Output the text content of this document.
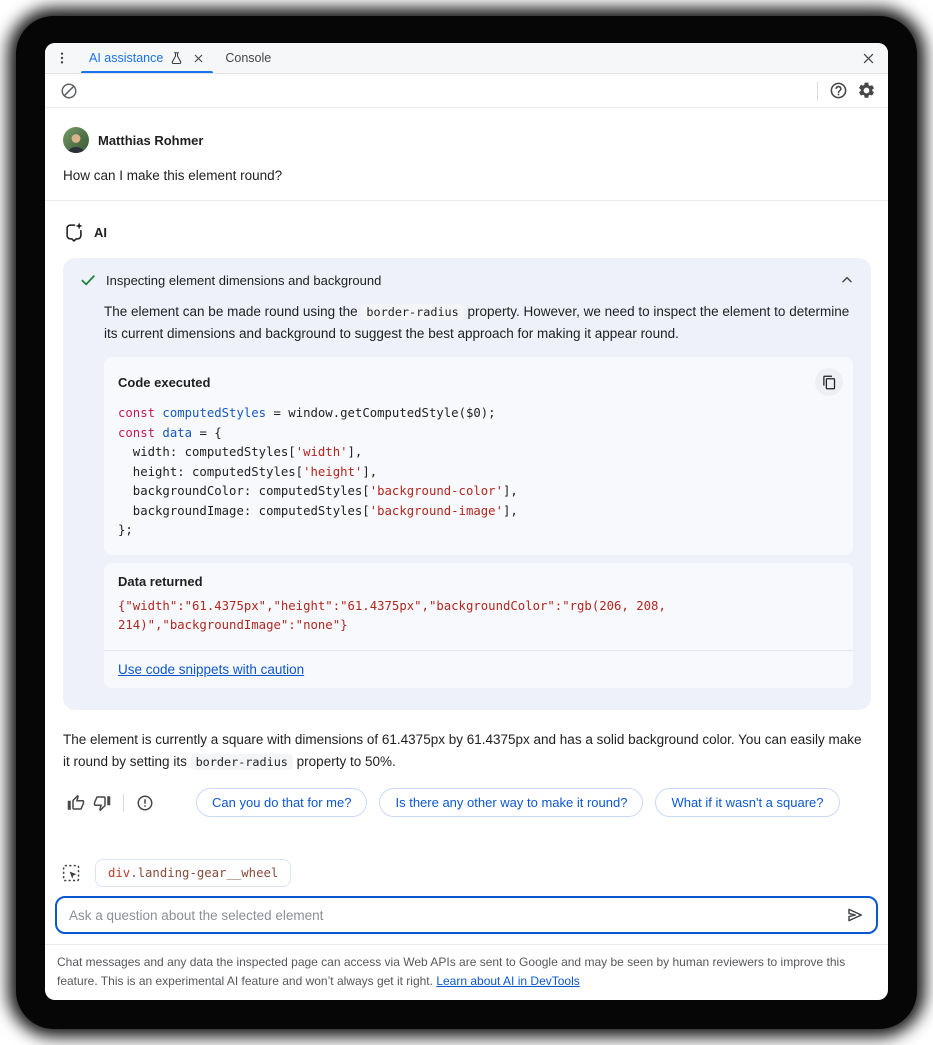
AI assistance	Console
Matthias Rohmer
How can I make this element round?
AI
Inspecting element dimensions and background
The element can be made round using the border-radius property. However, we need to inspect the element to determine its current dimensions and background to suggest the best approach for making it appear round.
Code executed
const computedStyles = window.getComputedStyle($0);
const data = {
width: computedStyles['width'],
height: computedStyles['height'],
backgroundColor: computedStyles['background-color'],
backgroundImage: computedStyles['background-image'],
};
Data returned
{"width":"61.4375px","height":"61.4375px","backgroundColor":"rgb(206, 208, 214)","backgroundImage":"none"}
Use code snippets with caution
The element is currently a square with dimensions of 61.4375px by 61.4375px and has a solid background color. You can easily make it round by setting its border-radius property to 50%.
Can you do that for me?	Is there any other way to make it round?	What if it wasn't a square?
div.landing-gear__wheel
Ask a question about the selected element
Chat messages and any data the inspected page can access via Web APIs are sent to Google and may be seen by human reviewers to improve this feature. This is an experimental AI feature and won’t always get it right. Learn about AI in DevTools
